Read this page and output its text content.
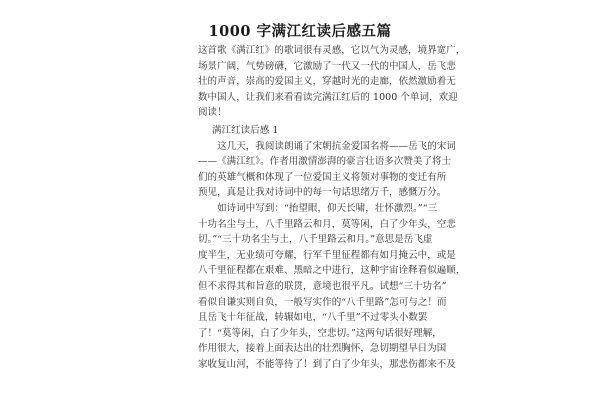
1000 字满江红读后感五篇
这首歌《满江红》的歌词很有灵感，它以气为灵感，境界宽广，
场景广阔，气势磅礴，它激励了一代又一代的中国人，岳飞悲
壮的声音，崇高的爱国主义，穿越时光的走廊，依然激励着无
数中国人，让我们来看看读完满江红后的 1000 个单词，欢迎
阅读！
满江红读后感 1
　　这几天，我阅读朗诵了宋朝抗金爱国名将——岳飞的宋词
——《满江红》。作者用激情澎湃的豪言壮语多次赞美了将士
们的英雄气概和体现了一位爱国主义将领对事物的变迁有所
预见，真是让我对诗词中的每一句话思绪万千，感慨万分。
　　如诗词中写到：“抬望眼，仰天长啸，壮怀激烈。”“三
十功名尘与土，八千里路云和月，莫等闲，白了少年头，空悲
切。”“三十功名尘与土，八千里路云和月。”意思是岳飞虚
度半生，无业绩可夸耀，行军千里征程都有如月掩云中，或是
八千里征程都在艰难、黑暗之中进行，这种宇宙诠释看似遍顺，
但不求得其和旨意的联贯，意境也很平凡。试想“三十功名”
看似自谦实则自负，一般写实作的“八千里路”怎可与之！而
且岳飞十年征战，转辗如电，“八千里”不过零头小数罢
了！“莫等闲，白了少年头，空悲切。”这两句话很好理解，
作用很大，接着上面表达出的壮烈胸怀，急切期望早日为国
家收复山河，不能等待了！到了白了少年头，那悲伤都来不及
